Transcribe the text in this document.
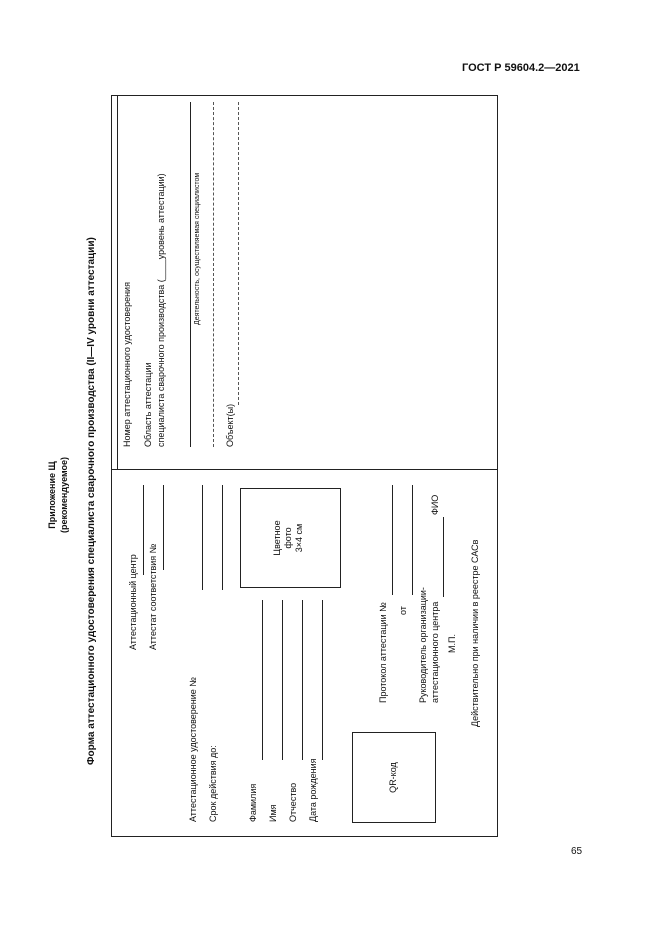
ГОСТ Р 59604.2—2021
65
Приложение Щ (рекомендуемое) Форма аттестационного удостоверения специалиста сварочного производства (II—IV уровни аттестации)	Аттестационный центр Аттестат соответствия №
Аттестационное удостоверение № Срок действия до:
Цветное фото 3×4 см
Фамилия Имя Отчество Дата рождения	QR-код
Протокол аттестации № от Руководитель организации- аттестационного центра
ФИО
М.П. Действительно при наличии в реестре САСв
Номер аттестационного удостоверения Область аттестации специалиста сварочного производства (____уровень аттестации)	Деятельность, осуществляемая специалистом
Объект(ы)
